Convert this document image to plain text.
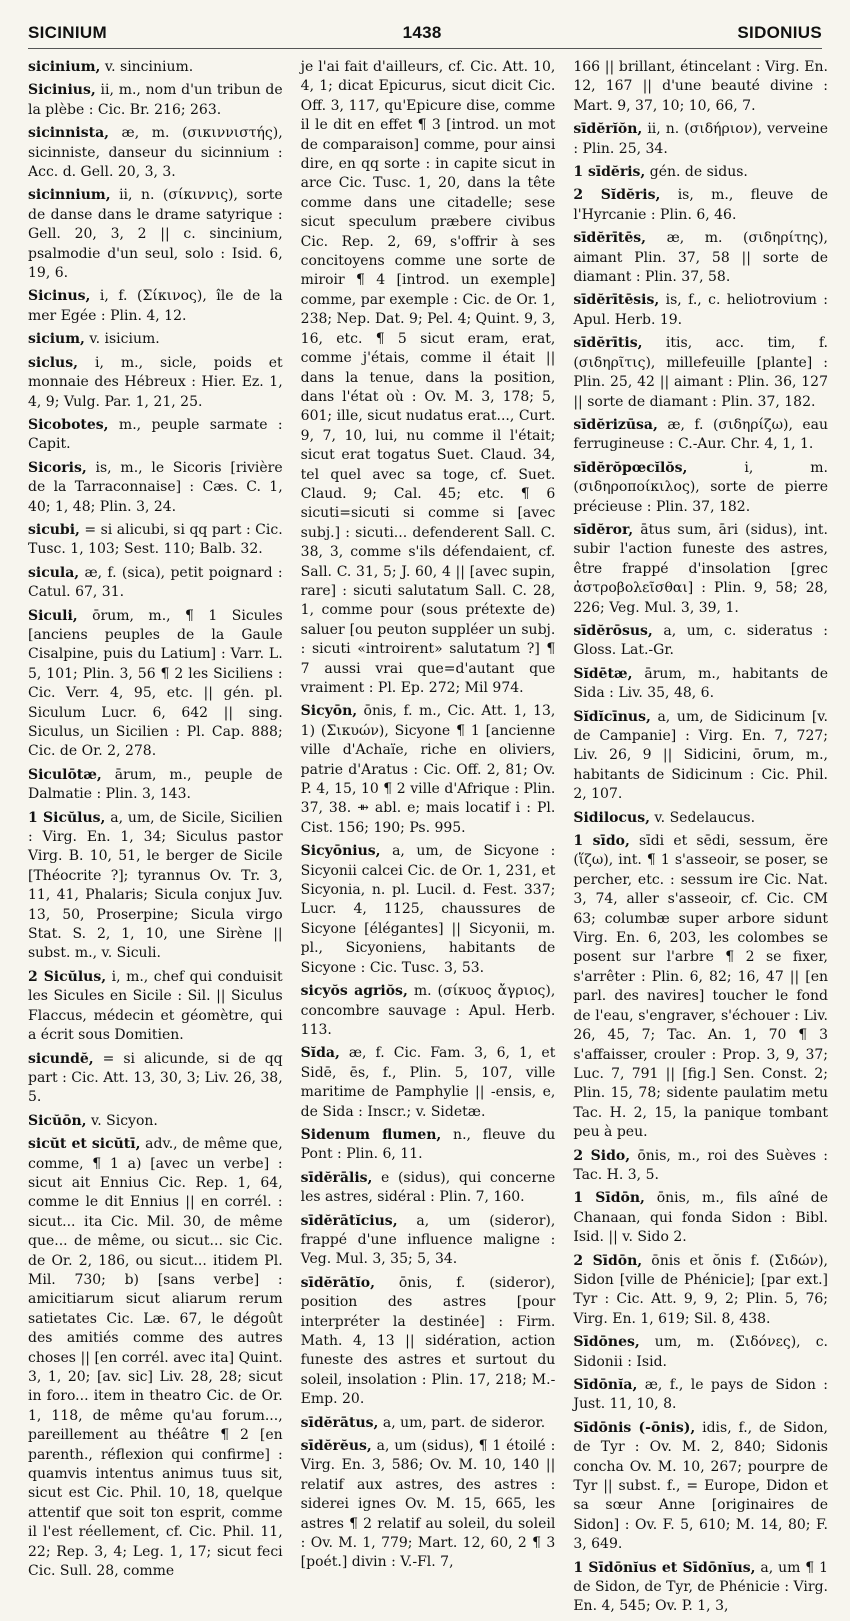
SICINIUM	1438	SIDONIUS

sicinium, v. sincinium.

Sicinius, ii, m., nom d'un tribun de la plèbe : Cic. Br. 216; 263.

sicinnista, æ, m. (σικιννιστής), sicinniste, danseur du sicinnium : Acc. d. Gell. 20, 3, 3.

sicinnium, ii, n. (σίκιννις), sorte de danse dans le drame satyrique : Gell. 20, 3, 2 || c. sincinium, psalmodie d'un seul, solo : Isid. 6, 19, 6.

Sicinus, i, f. (Σίκινος), île de la mer Egée : Plin. 4, 12.

sicium, v. isicium.

siclus, i, m., sicle, poids et monnaie des Hébreux : Hier. Ez. 1, 4, 9; Vulg. Par. 1, 21, 25.

Sicobotes, m., peuple sarmate : Capit.

Sicoris, is, m., le Sicoris [rivière de la Tarraconnaise] : Cæs. C. 1, 40; 1, 48; Plin. 3, 24.

sicubi, = si alicubi, si qq part : Cic. Tusc. 1, 103; Sest. 110; Balb. 32.

sicula, æ, f. (sica), petit poignard : Catul. 67, 31.

Siculi, ōrum, m., ¶ 1 Sicules [anciens peuples de la Gaule Cisalpine, puis du Latium] : Varr. L. 5, 101; Plin. 3, 56 ¶ 2 les Siciliens : Cic. Verr. 4, 95, etc. || gén. pl. Siculum Lucr. 6, 642 || sing. Siculus, un Sicilien : Pl. Cap. 888; Cic. de Or. 2, 278.

Siculōtæ, ārum, m., peuple de Dalmatie : Plin. 3, 143.

1 Sicŭlus, a, um, de Sicile, Sicilien : Virg. En. 1, 34; Siculus pastor Virg. B. 10, 51, le berger de Sicile [Théocrite ?]; tyrannus Ov. Tr. 3, 11, 41, Phalaris; Sicula conjux Juv. 13, 50, Proserpine; Sicula virgo Stat. S. 2, 1, 10, une Sirène || subst. m., v. Siculi.

2 Sicŭlus, i, m., chef qui conduisit les Sicules en Sicile : Sil. || Siculus Flaccus, médecin et géomètre, qui a écrit sous Domitien.

sicundĕ, = si alicunde, si de qq part : Cic. Att. 13, 30, 3; Liv. 26, 38, 5.

Sicŭōn, v. Sicyon.

sicŭt et sicŭtī, adv., de même que, comme, ¶ 1 a) [avec un verbe] : sicut ait Ennius Cic. Rep. 1, 64, comme le dit Ennius || en corrél. : sicut... ita Cic. Mil. 30, de même que... de même, ou sicut... sic Cic. de Or. 2, 186, ou sicut... itidem Pl. Mil. 730; b) [sans verbe] : amicitiarum sicut aliarum rerum satietates Cic. Læ. 67, le dégoût des amitiés comme des autres choses || [en corrél. avec ita] Quint. 3, 1, 20; [av. sic] Liv. 28, 28; sicut in foro... item in theatro Cic. de Or. 1, 118, de même qu'au forum..., pareillement au théâtre ¶ 2 [en parenth., réflexion qui confirme] : quamvis intentus animus tuus sit, sicut est Cic. Phil. 10, 18, quelque attentif que soit ton esprit, comme il l'est réellement, cf. Cic. Phil. 11, 22; Rep. 3, 4; Leg. 1, 17; sicut feci Cic. Sull. 28, comme

je l'ai fait d'ailleurs, cf. Cic. Att. 10, 4, 1; dicat Epicurus, sicut dicit Cic. Off. 3, 117, qu'Epicure dise, comme il le dit en effet ¶ 3 [introd. un mot de comparaison] comme, pour ainsi dire, en qq sorte : in capite sicut in arce Cic. Tusc. 1, 20, dans la tête comme dans une citadelle; sese sicut speculum præbere civibus Cic. Rep. 2, 69, s'offrir à ses concitoyens comme une sorte de miroir ¶ 4 [introd. un exemple] comme, par exemple : Cic. de Or. 1, 238; Nep. Dat. 9; Pel. 4; Quint. 9, 3, 16, etc. ¶ 5 sicut eram, erat, comme j'étais, comme il était || dans la tenue, dans la position, dans l'état où : Ov. M. 3, 178; 5, 601; ille, sicut nudatus erat..., Curt. 9, 7, 10, lui, nu comme il l'était; sicut erat togatus Suet. Claud. 34, tel quel avec sa toge, cf. Suet. Claud. 9; Cal. 45; etc. ¶ 6 sicuti=sicuti si comme si [avec subj.] : sicuti... defenderent Sall. C. 38, 3, comme s'ils défendaient, cf. Sall. C. 31, 5; J. 60, 4 || [avec supin, rare] : sicuti salutatum Sall. C. 28, 1, comme pour (sous prétexte de) saluer [ou peuton suppléer un subj. : sicuti «introirent» salutatum ?] ¶ 7 aussi vrai que=d'autant que vraiment : Pl. Ep. 272; Mil 974.

Sicyōn, ōnis, f. m., Cic. Att. 1, 13, 1) (Σικυών), Sicyone ¶ 1 [ancienne ville d'Achaïe, riche en oliviers, patrie d'Aratus : Cic. Off. 2, 81; Ov. P. 4, 15, 10 ¶ 2 ville d'Afrique : Plin. 37, 38. ⇻ abl. e; mais locatif i : Pl. Cist. 156; 190; Ps. 995.

Sicyōnius, a, um, de Sicyone : Sicyonii calcei Cic. de Or. 1, 231, et Sicyonia, n. pl. Lucil. d. Fest. 337; Lucr. 4, 1125, chaussures de Sicyone [élégantes] || Sicyonii, m. pl., Sicyoniens, habitants de Sicyone : Cic. Tusc. 3, 53.

sicyŏs agriŏs, m. (σίκυος ἄγριος), concombre sauvage : Apul. Herb. 113.

Sĭda, æ, f. Cic. Fam. 3, 6, 1, et Sidē, ēs, f., Plin. 5, 107, ville maritime de Pamphylie || -ensis, e, de Sida : Inscr.; v. Sidetæ.

Sidenum flumen, n., fleuve du Pont : Plin. 6, 11.

sīdĕrālis, e (sidus), qui concerne les astres, sidéral : Plin. 7, 160.

sīdĕrātĭcius, a, um (sideror), frappé d'une influence maligne : Veg. Mul. 3, 35; 5, 34.

sīdĕrātĭo, ōnis, f. (sideror), position des astres [pour interpréter la destinée] : Firm. Math. 4, 13 || sidération, action funeste des astres et surtout du soleil, insolation : Plin. 17, 218; M.-Emp. 20.

sīdĕrātus, a, um, part. de sideror.

sīdĕrĕus, a, um (sidus), ¶ 1 étoilé : Virg. En. 3, 586; Ov. M. 10, 140 || relatif aux astres, des astres : siderei ignes Ov. M. 15, 665, les astres ¶ 2 relatif au soleil, du soleil : Ov. M. 1, 779; Mart. 12, 60, 2 ¶ 3 [poét.] divin : V.-Fl. 7,

166 || brillant, étincelant : Virg. En. 12, 167 || d'une beauté divine : Mart. 9, 37, 10; 10, 66, 7.

sīdĕrĭŏn, ii, n. (σιδήριον), verveine : Plin. 25, 34.

1 sīdĕris, gén. de sidus.

2 Sĭdĕris, is, m., fleuve de l'Hyrcanie : Plin. 6, 46.

sīdĕrītēs, æ, m. (σιδηρίτης), aimant Plin. 37, 58 || sorte de diamant : Plin. 37, 58.

sīdĕrītēsis, is, f., c. heliotrovium : Apul. Herb. 19.

sīdĕrītis, itis, acc. tim, f. (σιδηρῖτις), millefeuille [plante] : Plin. 25, 42 || aimant : Plin. 36, 127 || sorte de diamant : Plin. 37, 182.

sīdĕrizūsa, æ, f. (σιδηρίζω), eau ferrugineuse : C.-Aur. Chr. 4, 1, 1.

sīdĕrŏpœcĭlŏs, i, m. (σιδηροποίκιλος), sorte de pierre précieuse : Plin. 37, 182.

sīdĕror, ātus sum, āri (sidus), int. subir l'action funeste des astres, être frappé d'insolation [grec ἀστροβολεῖσθαι] : Plin. 9, 58; 28, 226; Veg. Mul. 3, 39, 1.

sīdĕrōsus, a, um, c. sideratus : Gloss. Lat.-Gr.

Sĭdētæ, ārum, m., habitants de Sida : Liv. 35, 48, 6.

Sĭdĭcīnus, a, um, de Sidicinum [v. de Campanie] : Virg. En. 7, 727; Liv. 26, 9 || Sidicini, ōrum, m., habitants de Sidicinum : Cic. Phil. 2, 107.

Sidilocus, v. Sedelaucus.

1 sīdo, sīdi et sēdi, sessum, ĕre (ἵζω), int. ¶ 1 s'asseoir, se poser, se percher, etc. : sessum ire Cic. Nat. 3, 74, aller s'asseoir, cf. Cic. CM 63; columbæ super arbore sidunt Virg. En. 6, 203, les colombes se posent sur l'arbre ¶ 2 se fixer, s'arrêter : Plin. 6, 82; 16, 47 || [en parl. des navires] toucher le fond de l'eau, s'engraver, s'échouer : Liv. 26, 45, 7; Tac. An. 1, 70 ¶ 3 s'affaisser, crouler : Prop. 3, 9, 37; Luc. 7, 791 || [fig.] Sen. Const. 2; Plin. 15, 78; sidente paulatim metu Tac. H. 2, 15, la panique tombant peu à peu.

2 Sido, ōnis, m., roi des Suèves : Tac. H. 3, 5.

1 Sīdōn, ōnis, m., fils aîné de Chanaan, qui fonda Sidon : Bibl. Isid. || v. Sido 2.

2 Sīdōn, ōnis et ŏnis f. (Σιδών), Sidon [ville de Phénicie]; [par ext.] Tyr : Cic. Att. 9, 9, 2; Plin. 5, 76; Virg. En. 1, 619; Sil. 8, 438.

Sīdōnes, um, m. (Σιδόνες), c. Sidonii : Isid.

Sīdōnĭa, æ, f., le pays de Sidon : Just. 11, 10, 8.

Sīdōnis (-ōnis), idis, f., de Sidon, de Tyr : Ov. M. 2, 840; Sidonis concha Ov. M. 10, 267; pourpre de Tyr || subst. f., = Europe, Didon et sa sœur Anne [originaires de Sidon] : Ov. F. 5, 610; M. 14, 80; F. 3, 649.

1 Sīdōnĭus et Sīdōnĭus, a, um ¶ 1 de Sidon, de Tyr, de Phénicie : Virg. En. 4, 545; Ov. P. 1, 3,
